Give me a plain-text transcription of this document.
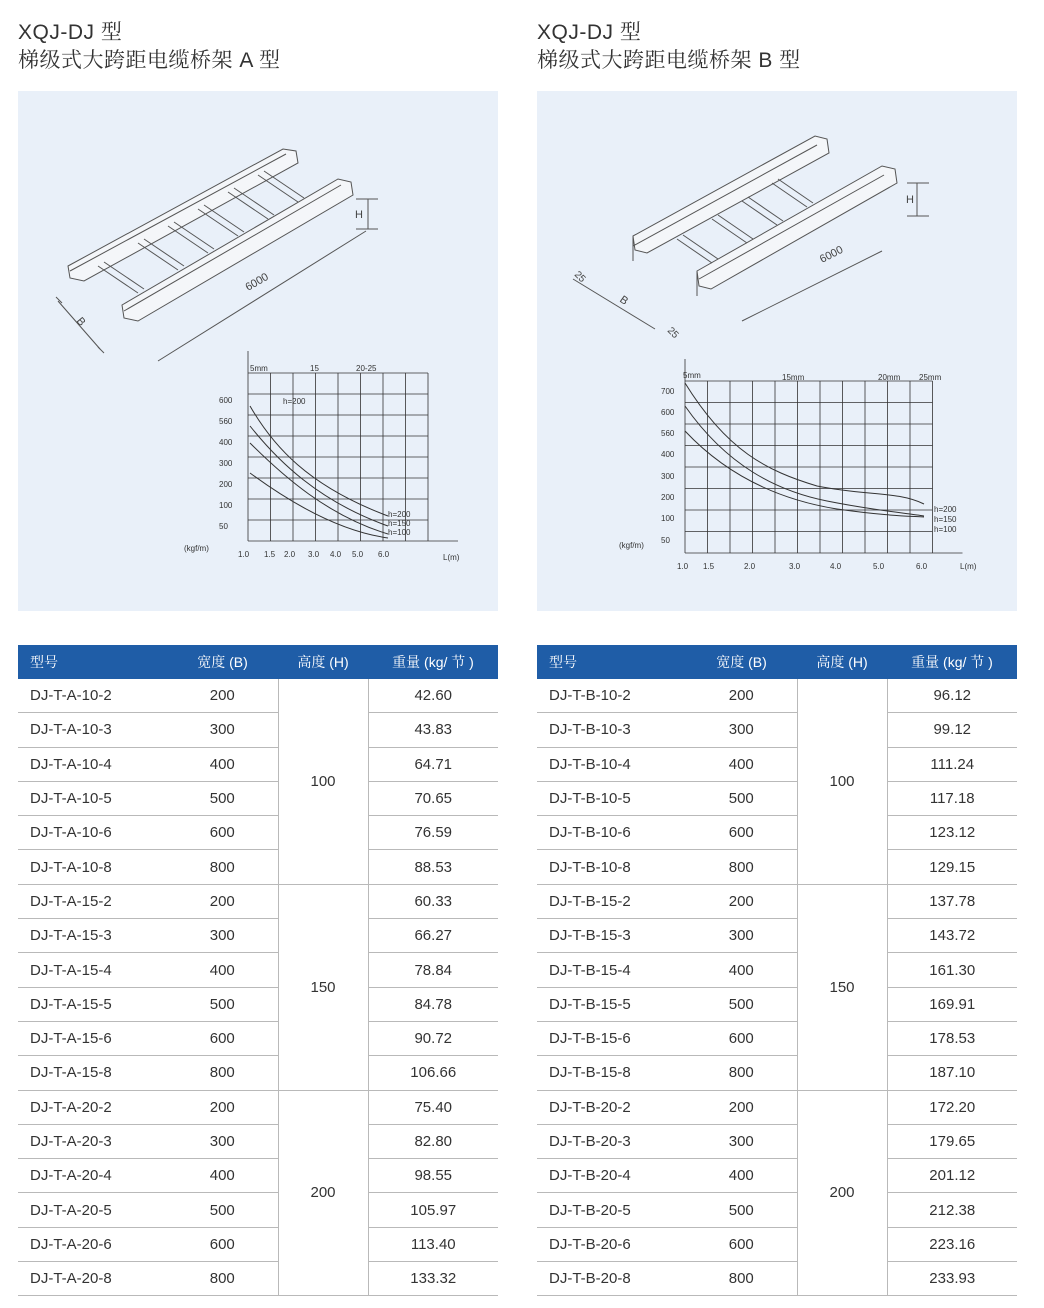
XQJ-DJ 型
梯级式大跨距电缆桥架 A 型
6000
B
H
5mm	15	20-25
600
560
400
300
200
100
50
(kgf/m)
1.0 1.5 2.0 3.0 4.0 5.0 6.0	L(m)
h=200
h=200
h=150
h=100
型号	宽度 (B)	高度 (H)	重量 (kg/ 节 )
DJ-T-A-10-2	200	100	42.60
DJ-T-A-10-3	300		43.83
DJ-T-A-10-4	400		64.71
DJ-T-A-10-5	500		70.65
DJ-T-A-10-6	600		76.59
DJ-T-A-10-8	800		88.53
DJ-T-A-15-2	200	150	60.33
DJ-T-A-15-3	300		66.27
DJ-T-A-15-4	400		78.84
DJ-T-A-15-5	500		84.78
DJ-T-A-15-6	600		90.72
DJ-T-A-15-8	800		106.66
DJ-T-A-20-2	200	200	75.40
DJ-T-A-20-3	300		82.80
DJ-T-A-20-4	400		98.55
DJ-T-A-20-5	500		105.97
DJ-T-A-20-6	600		113.40
DJ-T-A-20-8	800		133.32
XQJ-DJ 型
梯级式大跨距电缆桥架 B 型
6000
B
H
25
25
5mm	15mm	20mm 25mm
700
600
560
400
300
200
100
50
(kgf/m)
1.0 1.5	2.0	3.0	4.0	5.0	6.0	L(m)
h=200
h=150
h=100
型号	宽度 (B)	高度 (H)	重量 (kg/ 节 )
DJ-T-B-10-2	200	100	96.12
DJ-T-B-10-3	300		99.12
DJ-T-B-10-4	400		111.24
DJ-T-B-10-5	500		117.18
DJ-T-B-10-6	600		123.12
DJ-T-B-10-8	800		129.15
DJ-T-B-15-2	200	150	137.78
DJ-T-B-15-3	300		143.72
DJ-T-B-15-4	400		161.30
DJ-T-B-15-5	500		169.91
DJ-T-B-15-6	600		178.53
DJ-T-B-15-8	800		187.10
DJ-T-B-20-2	200	200	172.20
DJ-T-B-20-3	300		179.65
DJ-T-B-20-4	400		201.12
DJ-T-B-20-5	500		212.38
DJ-T-B-20-6	600		223.16
DJ-T-B-20-8	800		233.93
